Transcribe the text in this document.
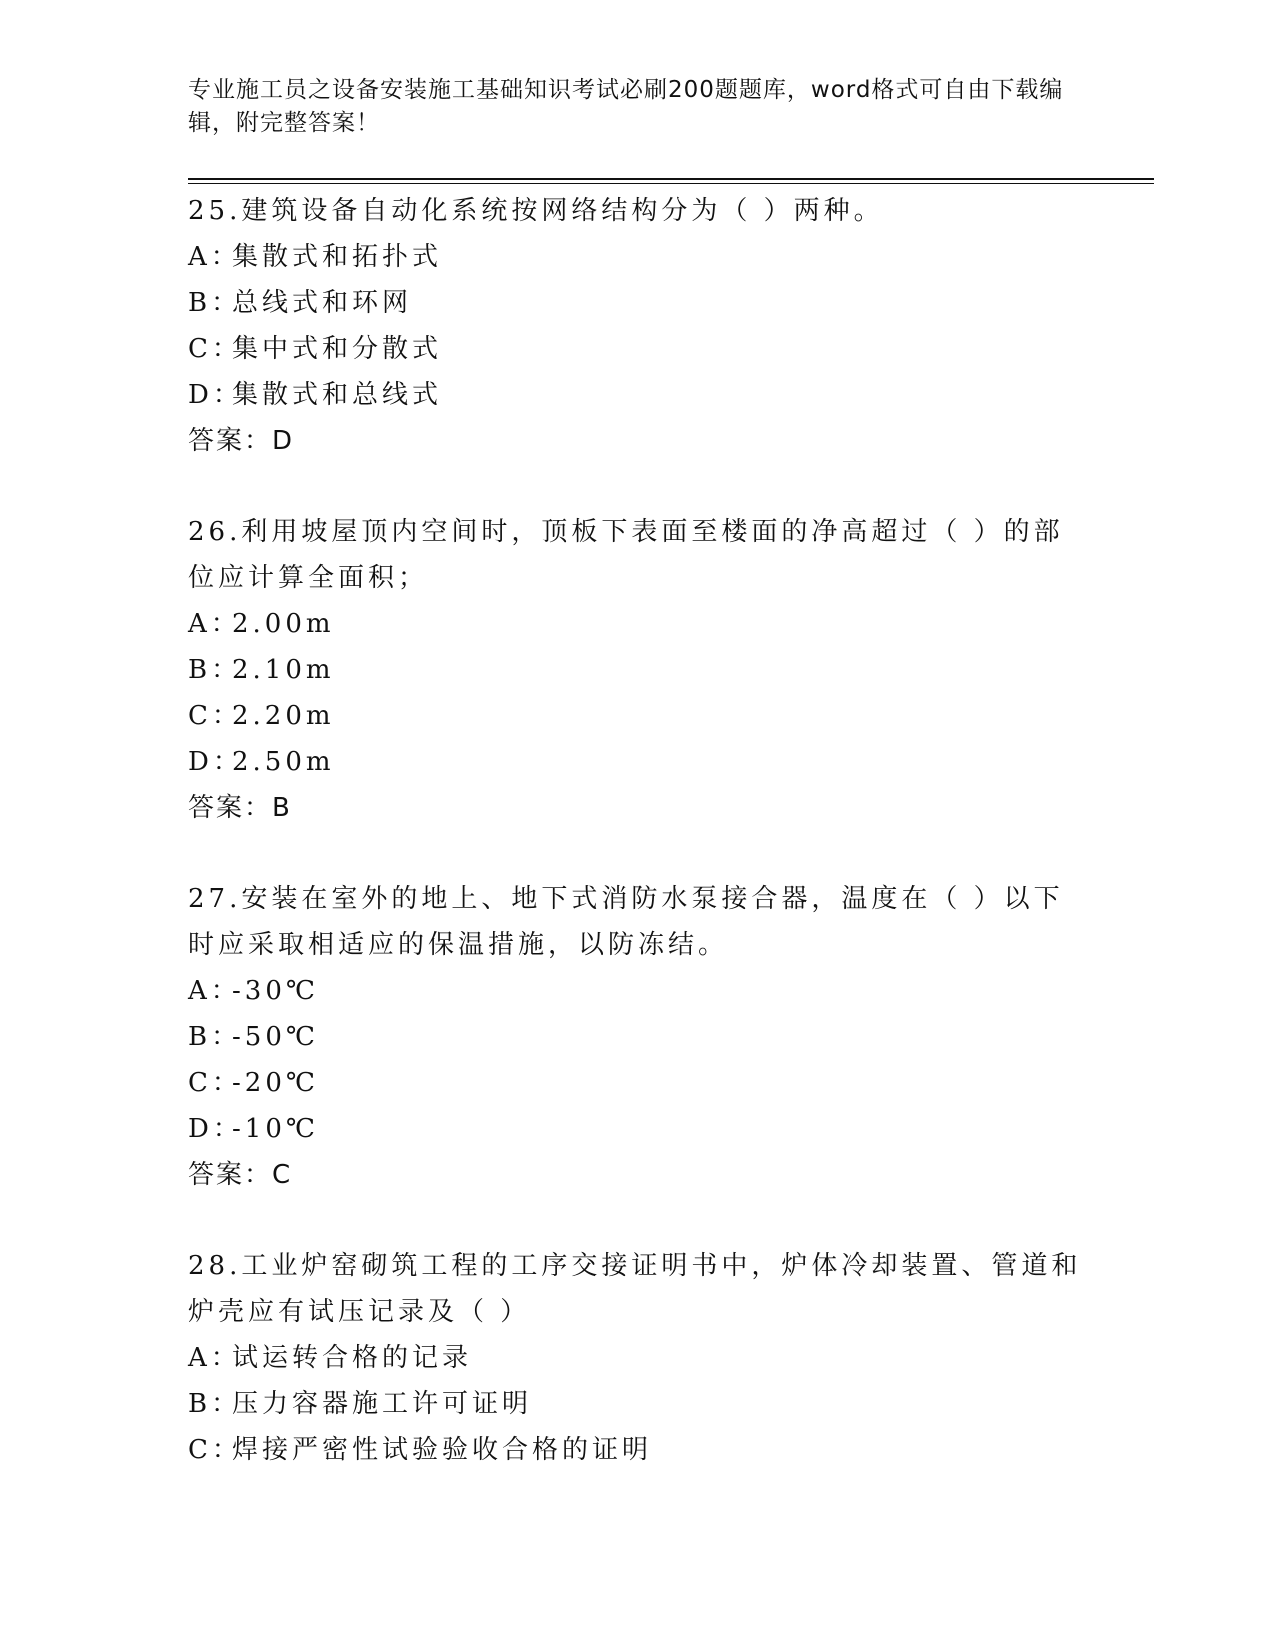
专业施工员之设备安装施工基础知识考试必刷200题题库，word格式可自由下载编辑，附完整答案！

25.建筑设备自动化系统按网络结构分为（ ）两种。

A：
集散式和拓扑式

B：
总线式和环网

C：
集中式和分散式

D：
集散式和总线式

答案：D

26.利用坡屋顶内空间时，顶板下表面至楼面的净高超过（ ）的部位应计算全面积；

A：
2.00m

B：
2.10m

C：
2.20m

D：
2.50m

答案：B

27.安装在室外的地上、地下式消防水泵接合器，温度在（ ）以下时应采取相适应的保温措施，以防冻结。

A：
-30℃

B：
-50℃

C：
-20℃

D：
-10℃

答案：C

28.工业炉窑砌筑工程的工序交接证明书中，炉体冷却装置、管道和炉壳应有试压记录及（ ）

A：
试运转合格的记录

B：
压力容器施工许可证明

C：
焊接严密性试验验收合格的证明
